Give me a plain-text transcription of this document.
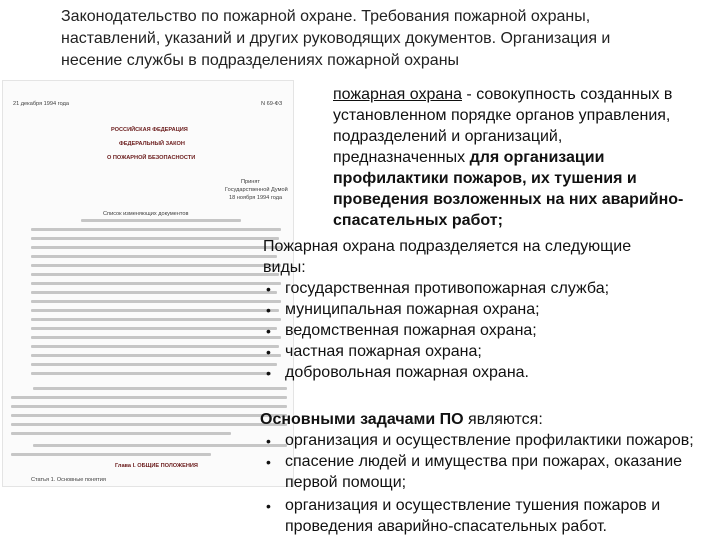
Законодательство по пожарной охране. Требования пожарной охраны,
наставлений, указаний и других руководящих документов. Организация и
несение службы в подразделениях пожарной охраны
21 декабря 1994 года	N 69-ФЗ
РОССИЙСКАЯ ФЕДЕРАЦИЯ
ФЕДЕРАЛЬНЫЙ ЗАКОН
О ПОЖАРНОЙ БЕЗОПАСНОСТИ
Принят
Государственной Думой
18 ноября 1994 года
Список изменяющих документов
Глава I. ОБЩИЕ ПОЛОЖЕНИЯ
Статья 1. Основные понятия
пожарная охрана - совокупность созданных в
установленном порядке органов управления,
подразделений и организаций,
предназначенных для организации
профилактики пожаров, их тушения и
проведения возложенных на них аварийно-
спасательных работ;
Пожарная охрана подразделяется на следующие
виды:
• государственная противопожарная служба;
• муниципальная пожарная охрана;
• ведомственная пожарная охрана;
• частная пожарная охрана;
• добровольная пожарная охрана.
Основными задачами ПО являются:
• организация и осуществление профилактики пожаров;
• спасение людей и имущества при пожарах, оказание
первой помощи;
• организация и осуществление тушения пожаров и
проведения аварийно-спасательных работ.
